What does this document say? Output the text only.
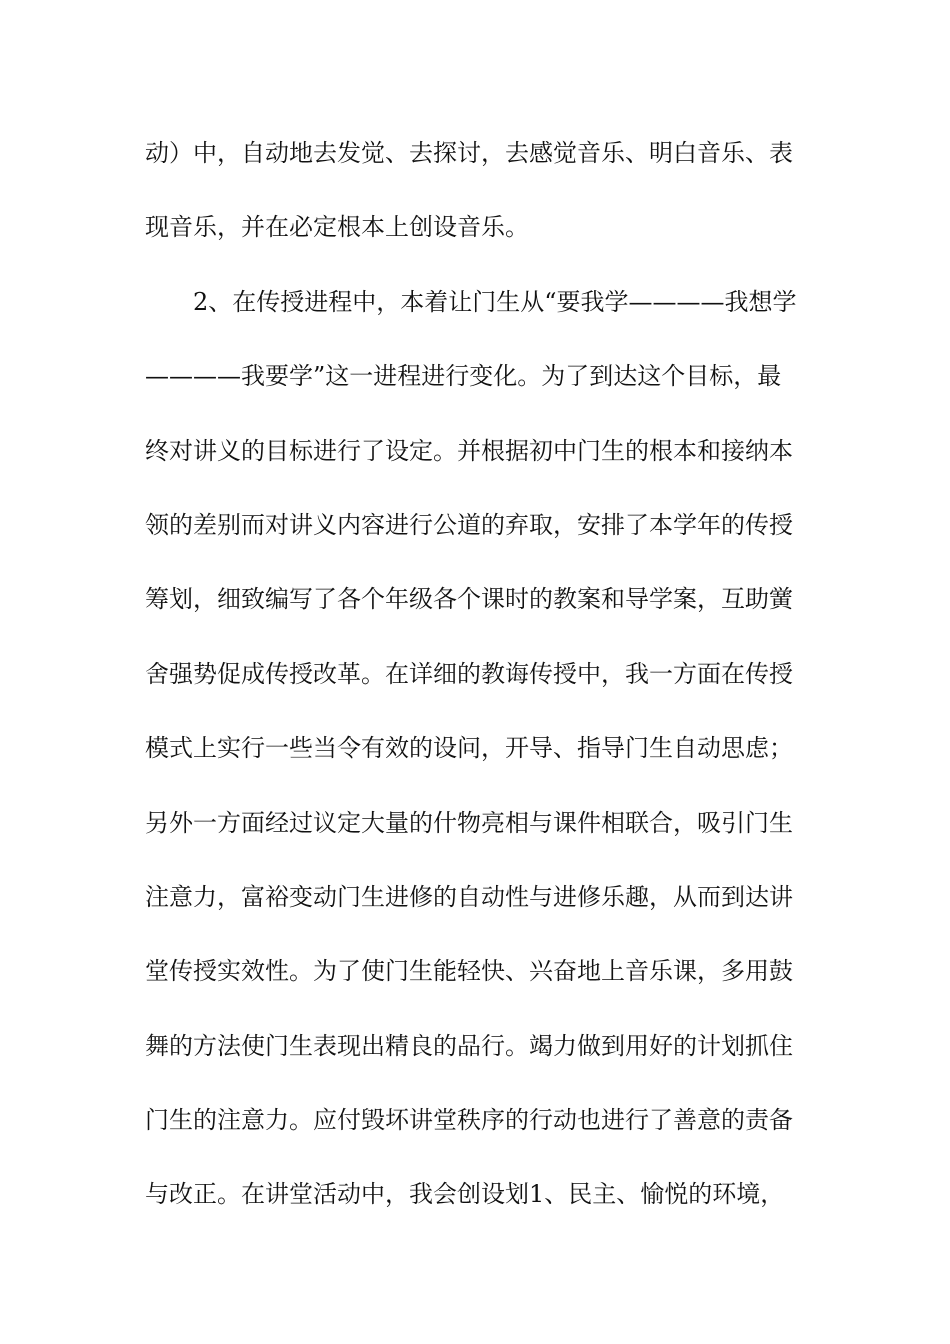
动）中，自动地去发觉、去探讨，去感觉音乐、明白音乐、表
现音乐，并在必定根本上创设音乐。
　　2、在传授进程中，本着让门生从“要我学————我想学
————我要学”这一进程进行变化。为了到达这个目标，最
终对讲义的目标进行了设定。并根据初中门生的根本和接纳本
领的差别而对讲义内容进行公道的弃取，安排了本学年的传授
筹划，细致编写了各个年级各个课时的教案和导学案，互助黉
舍强势促成传授改革。在详细的教诲传授中，我一方面在传授
模式上实行一些当令有效的设问，开导、指导门生自动思虑；
另外一方面经过议定大量的什物亮相与课件相联合，吸引门生
注意力，富裕变动门生进修的自动性与进修乐趣，从而到达讲
堂传授实效性。为了使门生能轻快、兴奋地上音乐课，多用鼓
舞的方法使门生表现出精良的品行。竭力做到用好的计划抓住
门生的注意力。应付毁坏讲堂秩序的行动也进行了善意的责备
与改正。在讲堂活动中，我会创设划1、民主、愉悦的环境，
